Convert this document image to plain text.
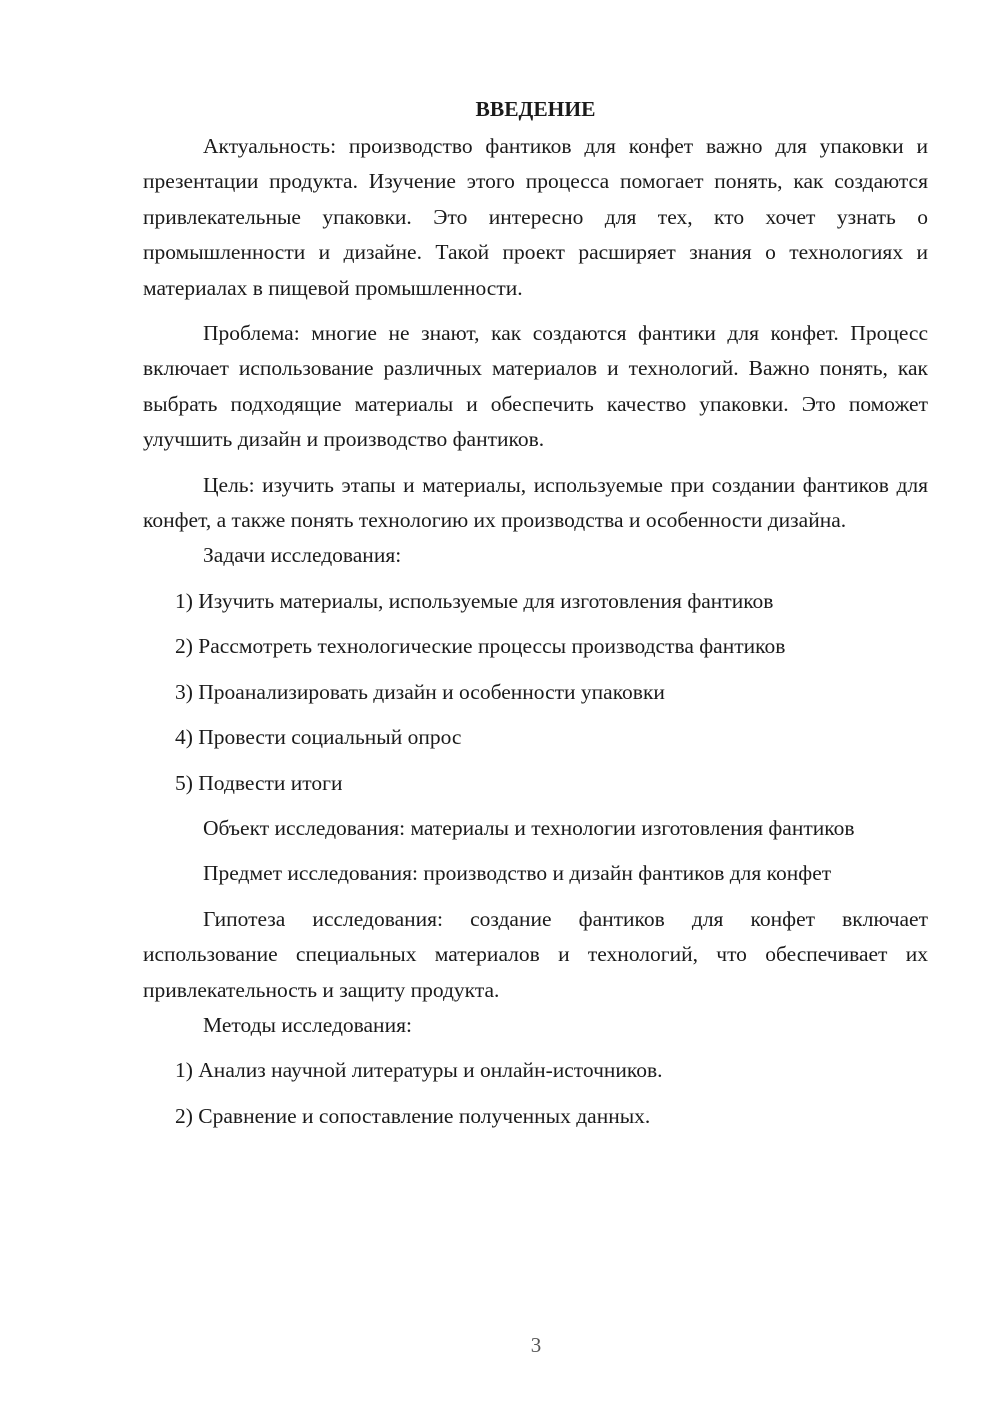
ВВЕДЕНИЕ

Актуальность: производство фантиков для конфет важно для упаковки и презентации продукта. Изучение этого процесса помогает понять, как создаются привлекательные упаковки. Это интересно для тех, кто хочет узнать о промышленности и дизайне. Такой проект расширяет знания о технологиях и материалах в пищевой промышленности.

Проблема: многие не знают, как создаются фантики для конфет. Процесс включает использование различных материалов и технологий. Важно понять, как выбрать подходящие материалы и обеспечить качество упаковки. Это поможет улучшить дизайн и производство фантиков.

Цель: изучить этапы и материалы, используемые при создании фантиков для конфет, а также понять технологию их производства и особенности дизайна.

Задачи исследования:

1) Изучить материалы, используемые для изготовления фантиков

2) Рассмотреть технологические процессы производства фантиков

3) Проанализировать дизайн и особенности упаковки

4) Провести социальный опрос

5) Подвести итоги

Объект исследования: материалы и технологии изготовления фантиков

Предмет исследования: производство и дизайн фантиков для конфет

Гипотеза исследования: создание фантиков для конфет включает использование специальных материалов и технологий, что обеспечивает их привлекательность и защиту продукта.

Методы исследования:

1) Анализ научной литературы и онлайн-источников.

2) Сравнение и сопоставление полученных данных.

3
